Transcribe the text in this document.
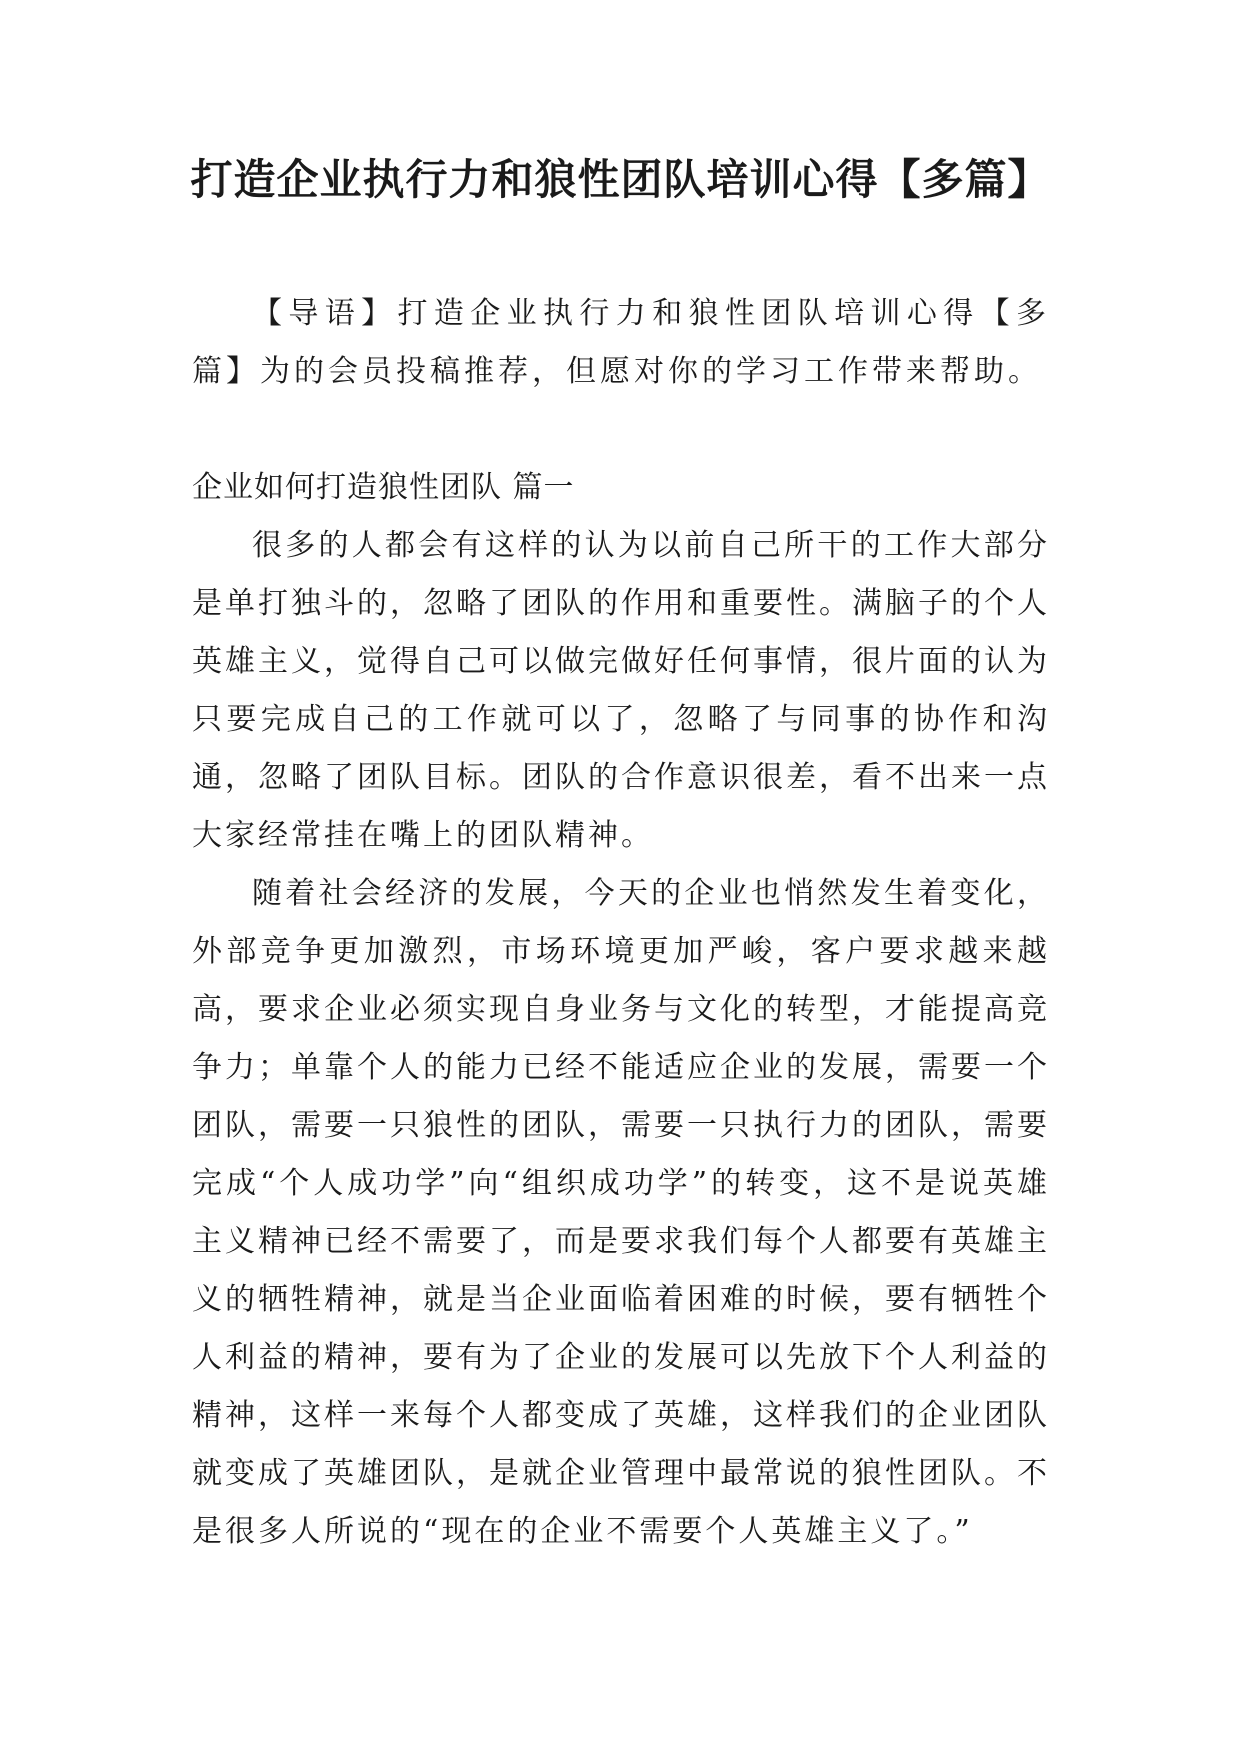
打造企业执行力和狼性团队培训心得【多篇】

【导语】打造企业执行力和狼性团队培训心得【多篇】为的会员投稿推荐，但愿对你的学习工作带来帮助。

企业如何打造狼性团队 篇一

很多的人都会有这样的认为以前自己所干的工作大部分是单打独斗的，忽略了团队的作用和重要性。满脑子的个人英雄主义，觉得自己可以做完做好任何事情，很片面的认为只要完成自己的工作就可以了，忽略了与同事的协作和沟通，忽略了团队目标。团队的合作意识很差，看不出来一点大家经常挂在嘴上的团队精神。

随着社会经济的发展，今天的企业也悄然发生着变化，外部竞争更加激烈，市场环境更加严峻，客户要求越来越高，要求企业必须实现自身业务与文化的转型，才能提高竞争力；单靠个人的能力已经不能适应企业的发展，需要一个团队，需要一只狼性的团队，需要一只执行力的团队，需要完成“个人成功学”向“组织成功学”的转变，这不是说英雄主义精神已经不需要了，而是要求我们每个人都要有英雄主义的牺牲精神，就是当企业面临着困难的时候，要有牺牲个人利益的精神，要有为了企业的发展可以先放下个人利益的精神，这样一来每个人都变成了英雄，这样我们的企业团队就变成了英雄团队，是就企业管理中最常说的狼性团队。不是很多人所说的“现在的企业不需要个人英雄主义了。”
